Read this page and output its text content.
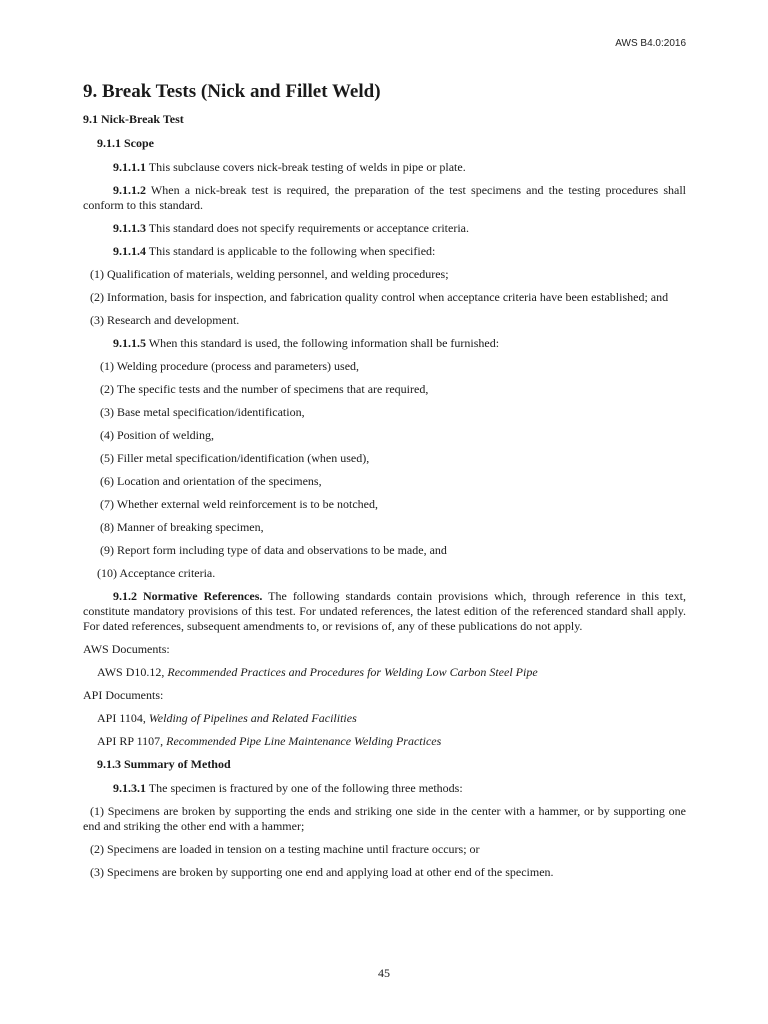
AWS B4.0:2016
9. Break Tests (Nick and Fillet Weld)
9.1 Nick-Break Test
9.1.1 Scope

9.1.1.1 This subclause covers nick-break testing of welds in pipe or plate.

9.1.1.2 When a nick-break test is required, the preparation of the test specimens and the testing procedures shall conform to this standard.

9.1.1.3 This standard does not specify requirements or acceptance criteria.

9.1.1.4 This standard is applicable to the following when specified:

(1) Qualification of materials, welding personnel, and welding procedures;

(2) Information, basis for inspection, and fabrication quality control when acceptance criteria have been established; and

(3) Research and development.

9.1.1.5 When this standard is used, the following information shall be furnished:

(1) Welding procedure (process and parameters) used,

(2) The specific tests and the number of specimens that are required,

(3) Base metal specification/identification,

(4) Position of welding,

(5) Filler metal specification/identification (when used),

(6) Location and orientation of the specimens,

(7) Whether external weld reinforcement is to be notched,

(8) Manner of breaking specimen,

(9) Report form including type of data and observations to be made, and

(10) Acceptance criteria.

9.1.2 Normative References. The following standards contain provisions which, through reference in this text, constitute mandatory provisions of this test. For undated references, the latest edition of the referenced standard shall apply. For dated references, subsequent amendments to, or revisions of, any of these publications do not apply.

AWS Documents:

AWS D10.12, Recommended Practices and Procedures for Welding Low Carbon Steel Pipe

API Documents:

API 1104, Welding of Pipelines and Related Facilities

API RP 1107, Recommended Pipe Line Maintenance Welding Practices

9.1.3 Summary of Method

9.1.3.1 The specimen is fractured by one of the following three methods:

(1) Specimens are broken by supporting the ends and striking one side in the center with a hammer, or by supporting one end and striking the other end with a hammer;

(2) Specimens are loaded in tension on a testing machine until fracture occurs; or

(3) Specimens are broken by supporting one end and applying load at other end of the specimen.

45
